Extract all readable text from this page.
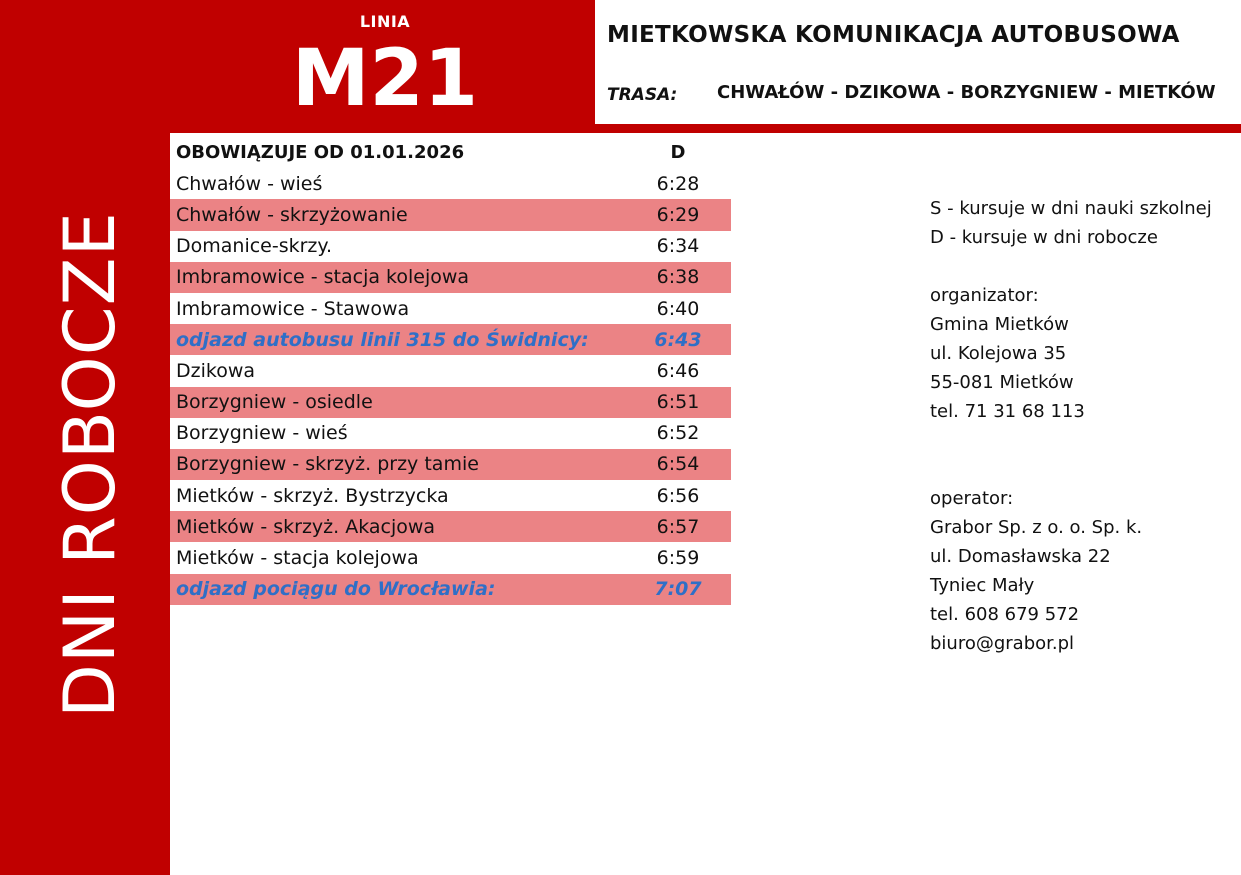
LINIA
M21
DNI ROBOCZE
MIETKOWSKA KOMUNIKACJA AUTOBUSOWA
TRASA: CHWAŁÓW - DZIKOWA - BORZYGNIEW - MIETKÓW
OBOWIĄZUJE OD 01.01.2026	D
Chwałów - wieś	6:28
Chwałów - skrzyżowanie	6:29
Domanice-skrzy.	6:34
Imbramowice - stacja kolejowa	6:38
Imbramowice - Stawowa	6:40
odjazd autobusu linii 315 do Świdnicy:	6:43
Dzikowa	6:46
Borzygniew - osiedle	6:51
Borzygniew - wieś	6:52
Borzygniew - skrzyż. przy tamie	6:54
Mietków - skrzyż. Bystrzycka	6:56
Mietków - skrzyż. Akacjowa	6:57
Mietków - stacja kolejowa	6:59
odjazd pociągu do Wrocławia:	7:07
S - kursuje w dni nauki szkolnej
D - kursuje w dni robocze
organizator:
Gmina Mietków
ul. Kolejowa 35
55-081 Mietków
tel. 71 31 68 113
operator:
Grabor Sp. z o. o. Sp. k.
ul. Domasławska 22
Tyniec Mały
tel. 608 679 572
biuro@grabor.pl
